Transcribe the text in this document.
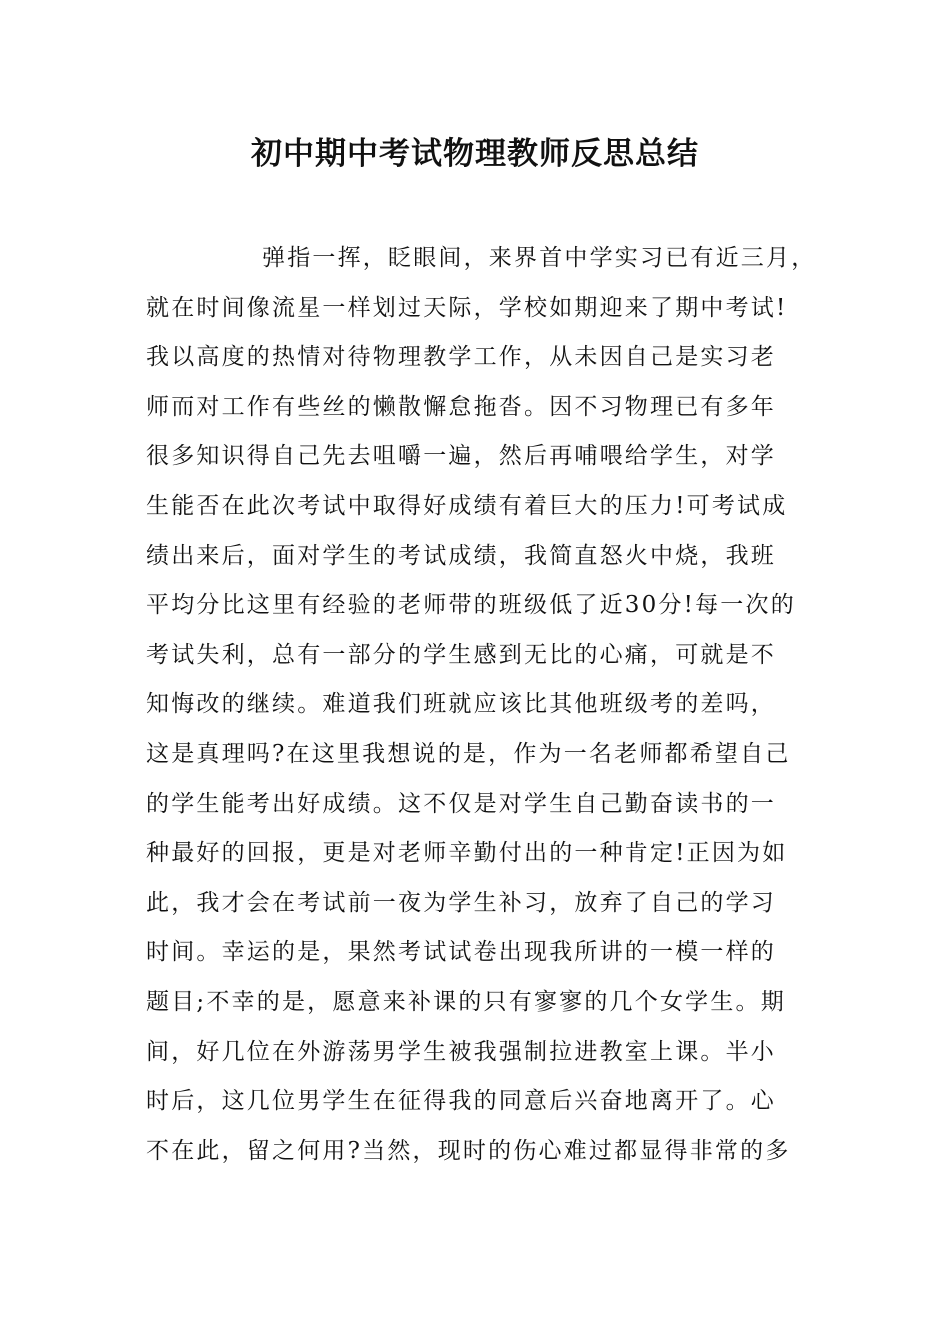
初中期中考试物理教师反思总结
弹指一挥，眨眼间，来界首中学实习已有近三月，
就在时间像流星一样划过天际，学校如期迎来了期中考试!
我以高度的热情对待物理教学工作，从未因自己是实习老
师而对工作有些丝的懒散懈怠拖沓。因不习物理已有多年
很多知识得自己先去咀嚼一遍，然后再哺喂给学生，对学
生能否在此次考试中取得好成绩有着巨大的压力!可考试成
绩出来后，面对学生的考试成绩，我简直怒火中烧，我班
平均分比这里有经验的老师带的班级低了近30分!每一次的
考试失利，总有一部分的学生感到无比的心痛，可就是不
知悔改的继续。难道我们班就应该比其他班级考的差吗，
这是真理吗?在这里我想说的是，作为一名老师都希望自己
的学生能考出好成绩。这不仅是对学生自己勤奋读书的一
种最好的回报，更是对老师辛勤付出的一种肯定!正因为如
此，我才会在考试前一夜为学生补习，放弃了自己的学习
时间。幸运的是，果然考试试卷出现我所讲的一模一样的
题目;不幸的是，愿意来补课的只有寥寥的几个女学生。期
间，好几位在外游荡男学生被我强制拉进教室上课。半小
时后，这几位男学生在征得我的同意后兴奋地离开了。心
不在此，留之何用?当然，现时的伤心难过都显得非常的多
